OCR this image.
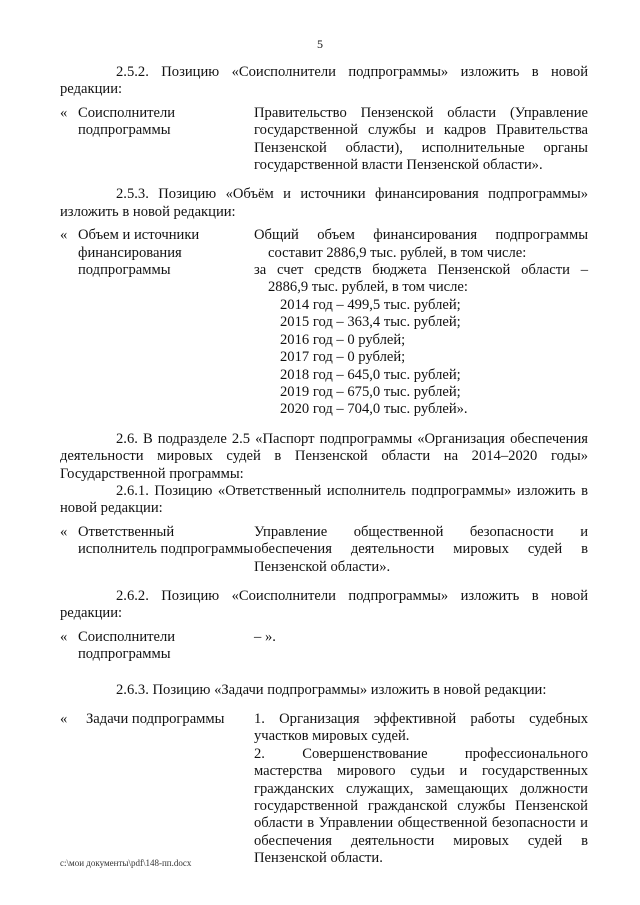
5

2.5.2. Позицию «Соисполнители подпрограммы» изложить в новой редакции:

« Соисполнители подпрограммы

Правительство Пензенской области (Управление государственной службы и кадров Правительства Пензенской области), исполнительные органы государственной власти Пензенской области».

2.5.3. Позицию «Объём и источники финансирования подпрограммы» изложить в новой редакции:

« Объем и источники финансирования подпрограммы

Общий объем финансирования подпрограммы составит 2886,9 тыс. рублей, в том числе:

за счет средств бюджета Пензенской области – 2886,9 тыс. рублей, в том числе:

2014 год – 499,5 тыс. рублей;

2015 год – 363,4 тыс. рублей;

2016 год – 0 рублей;

2017 год – 0 рублей;

2018 год – 645,0 тыс. рублей;

2019 год – 675,0 тыс. рублей;

2020 год – 704,0 тыс. рублей».

2.6. В подразделе 2.5 «Паспорт подпрограммы «Организация обеспечения деятельности мировых судей в Пензенской области на 2014–2020 годы» Государственной программы:

2.6.1. Позицию «Ответственный исполнитель подпрограммы» изложить в новой редакции:

« Ответственный исполнитель подпрограммы

Управление общественной безопасности и обеспечения деятельности мировых судей в Пензенской области».

2.6.2. Позицию «Соисполнители подпрограммы» изложить в новой редакции:

« Соисполнители подпрограммы

– ».

2.6.3. Позицию «Задачи подпрограммы» изложить в новой редакции:

«	Задачи подпрограммы	1. Организация эффективной работы судебных участков мировых судей.

2. Совершенствование профессионального мастерства мирового судьи и государственных гражданских служащих, замещающих должности государственной гражданской службы Пензенской области в Управлении общественной безопасности и обеспечения деятельности мировых судей в Пензенской области.

c:\мои документы\pdf\148-пп.docx
